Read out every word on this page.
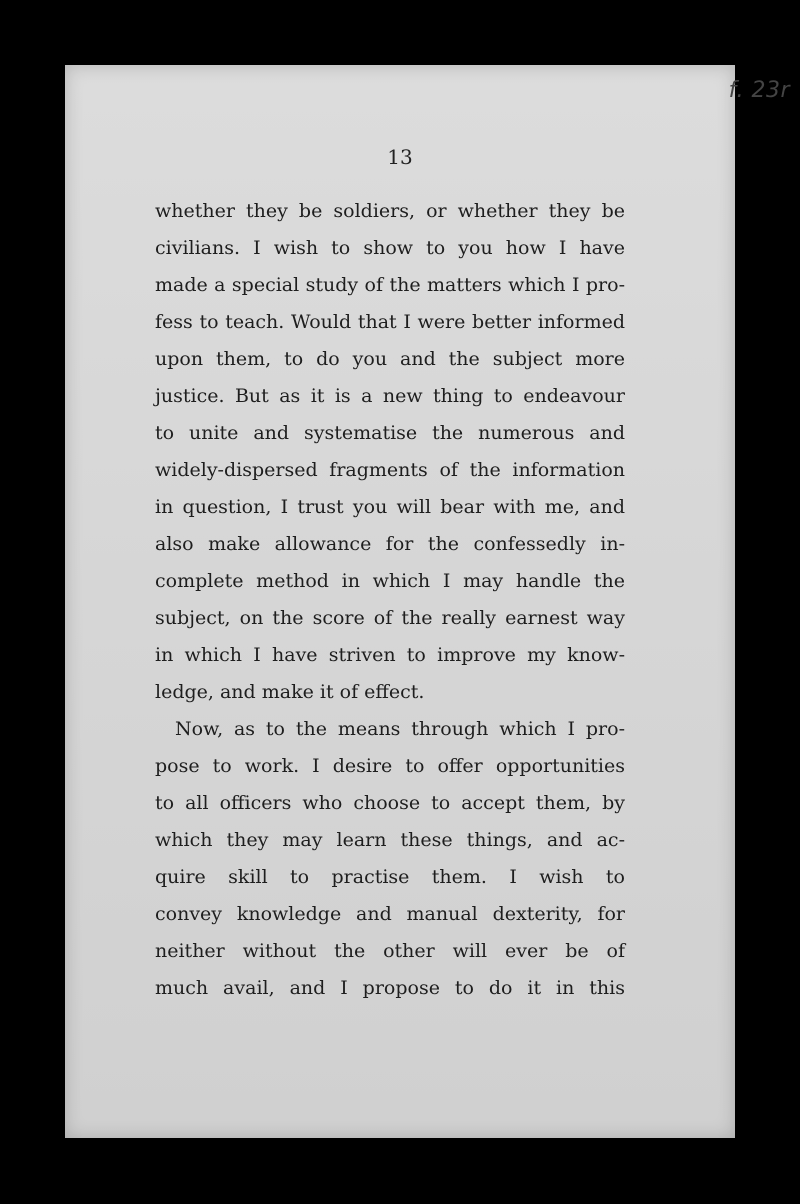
f. 23r
13
whether they be soldiers, or whether they be
civilians. I wish to show to you how I have
made a special study of the matters which I pro-
fess to teach. Would that I were better informed
upon them, to do you and the subject more
justice. But as it is a new thing to endeavour
to unite and systematise the numerous and
widely-dispersed fragments of the information
in question, I trust you will bear with me, and
also make allowance for the confessedly in-
complete method in which I may handle the
subject, on the score of the really earnest way
in which I have striven to improve my know-
ledge, and make it of effect.
Now, as to the means through which I pro-
pose to work. I desire to offer opportunities
to all officers who choose to accept them, by
which they may learn these things, and ac-
quire skill to practise them. I wish to
convey knowledge and manual dexterity, for
neither without the other will ever be of
much avail, and I propose to do it in this
